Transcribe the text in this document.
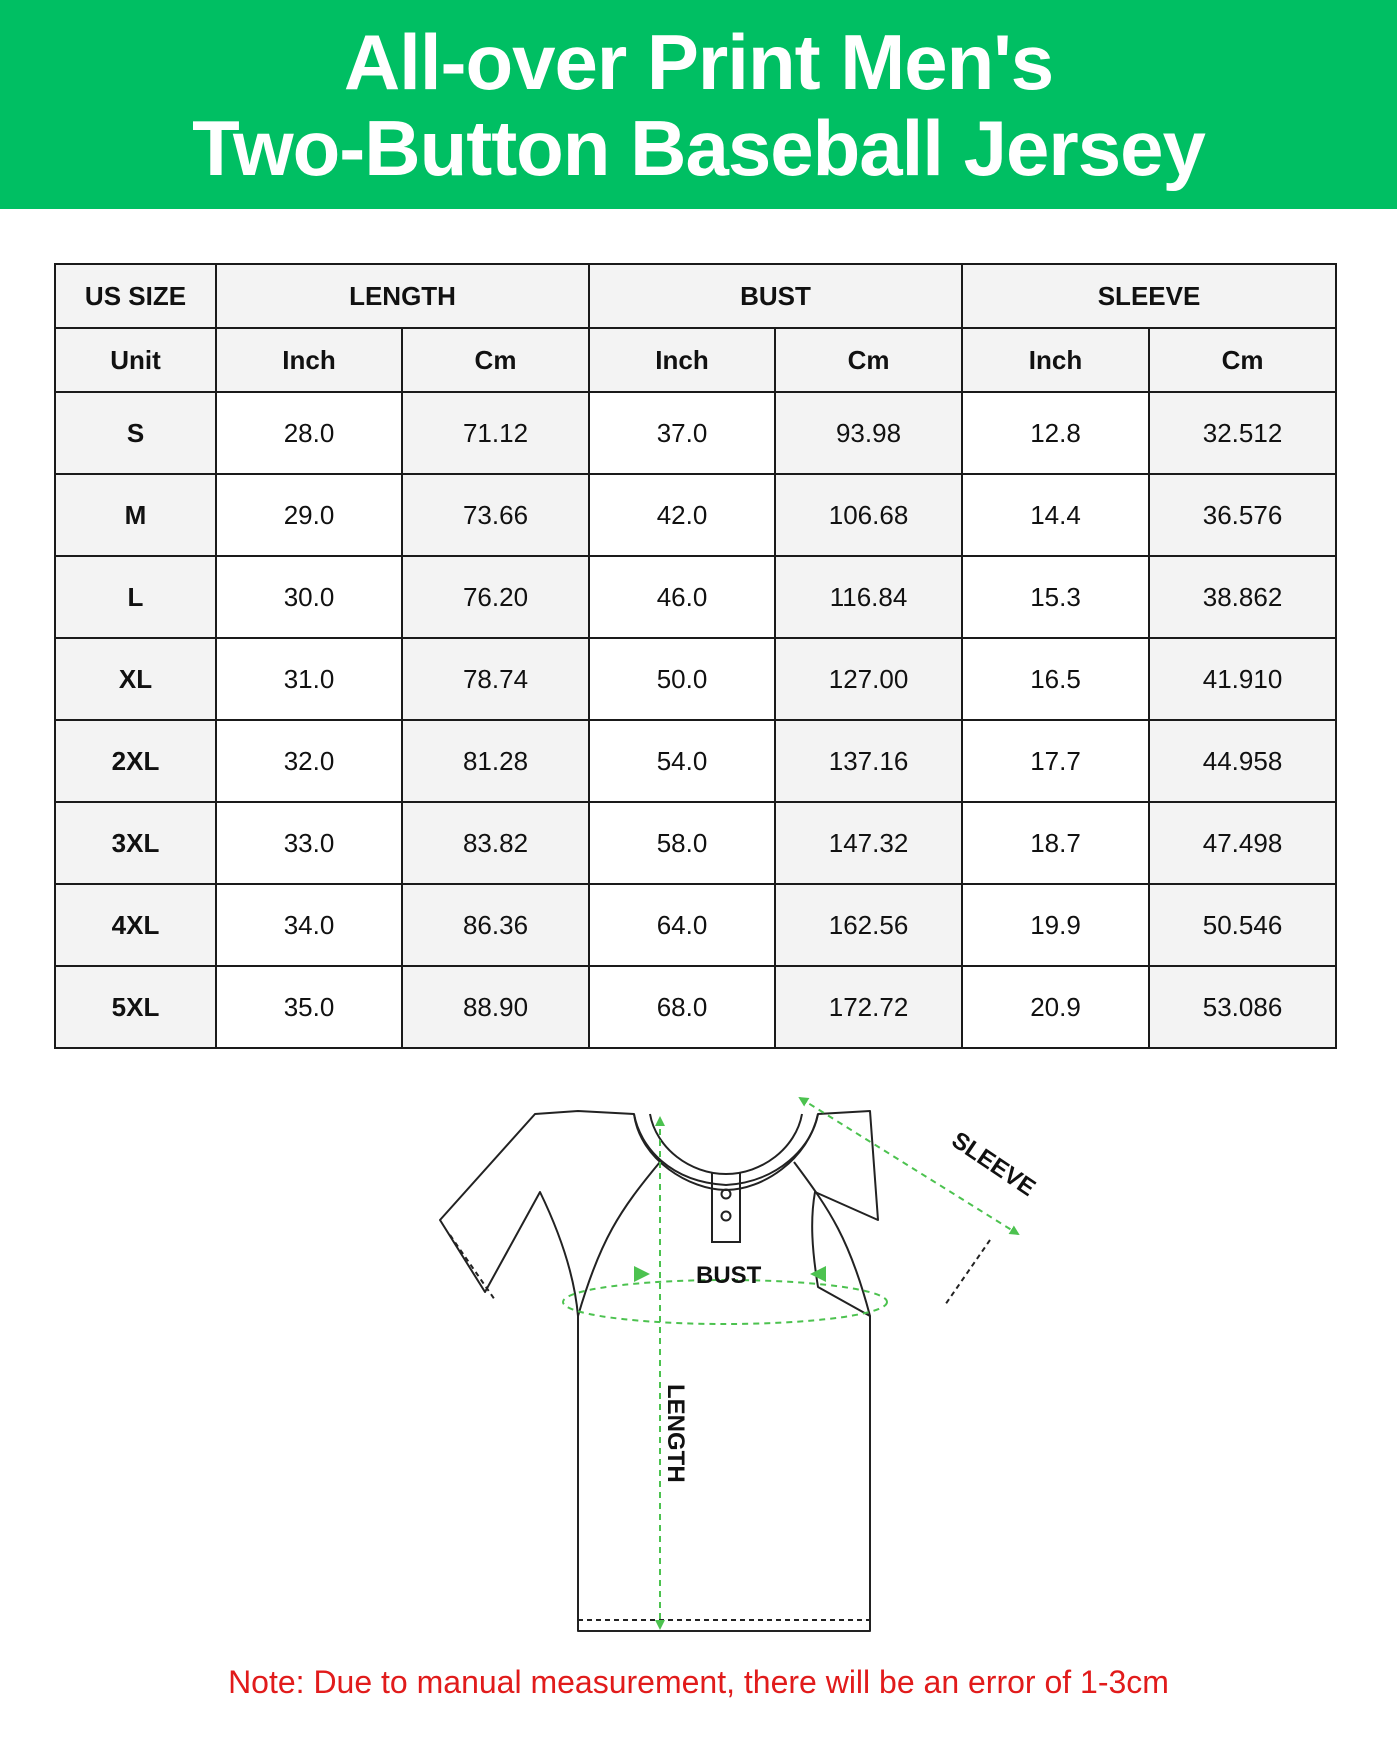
All-over Print Men's
Two-Button Baseball Jersey
US SIZE	LENGTH		BUST		SLEEVE	
Unit	Inch	Cm	Inch	Cm	Inch	Cm
S	28.0	71.12	37.0	93.98	12.8	32.512
M	29.0	73.66	42.0	106.68	14.4	36.576
L	30.0	76.20	46.0	116.84	15.3	38.862
XL	31.0	78.74	50.0	127.00	16.5	41.910
2XL	32.0	81.28	54.0	137.16	17.7	44.958
3XL	33.0	83.82	58.0	147.32	18.7	47.498
4XL	34.0	86.36	64.0	162.56	19.9	50.546
5XL	35.0	88.90	68.0	172.72	20.9	53.086
SLEEVE
BUST
LENGTH
Note: Due to manual measurement, there will be an error of 1-3cm
